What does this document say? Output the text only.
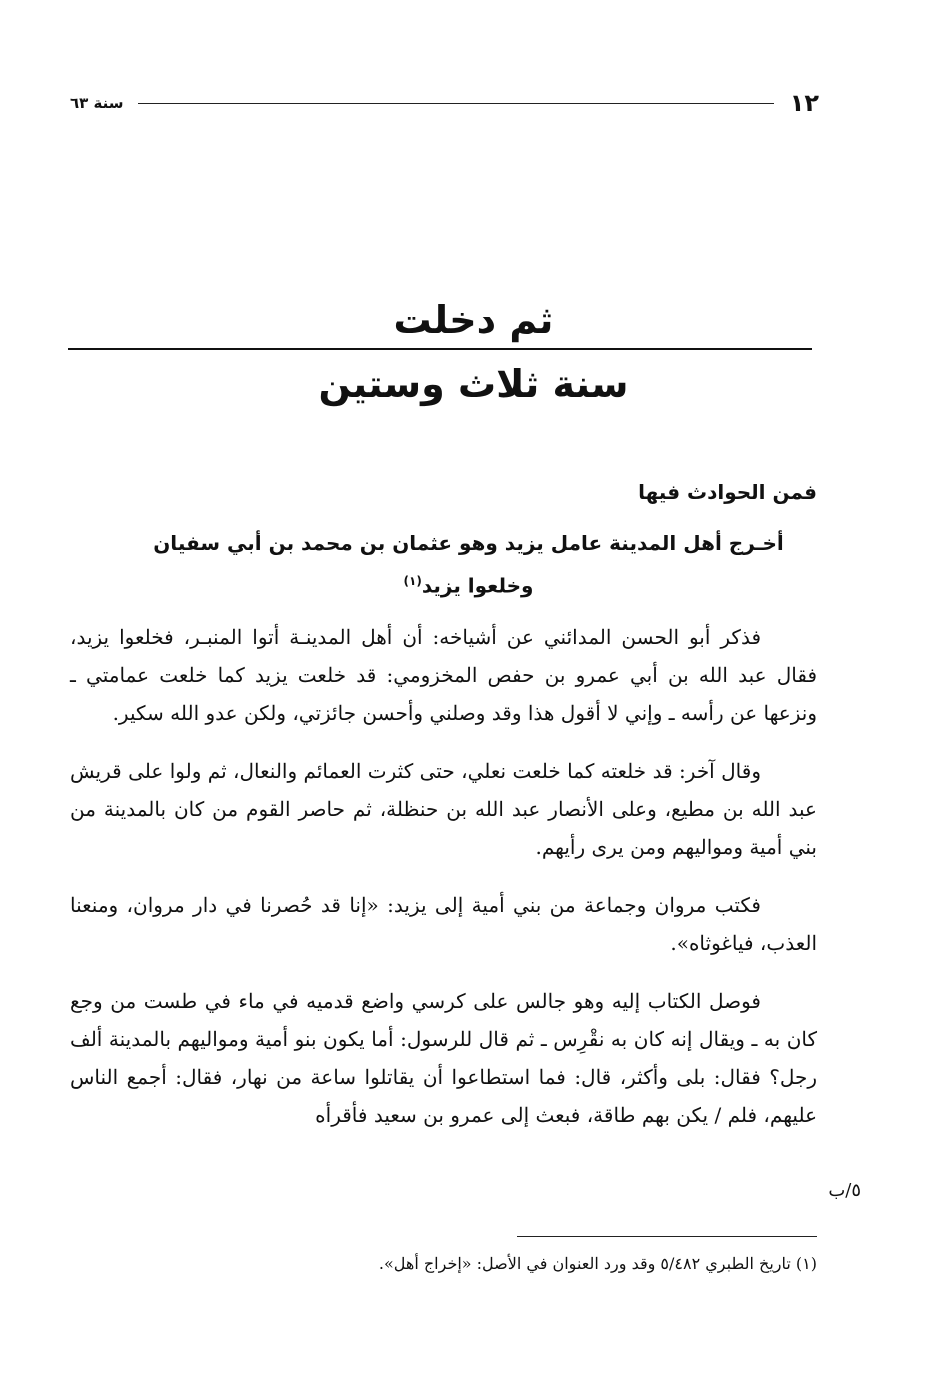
١٢
سنة ٦٣
ثم دخلت
سنة ثلاث وستين
فمن الحوادث فيها
أخـرج أهل المدينة عامل يزيد وهو عثمان بن محمد بن أبي سفيان وخلعوا يزيد$^{(١)}$

فذكر أبو الحسن المدائني عن أشياخه: أن أهل المدينـة أتوا المنبـر، فخلعوا يزيد، فقال عبد الله بن أبي عمرو بن حفص المخزومي: قد خلعت يزيد كما خلعت عمامتي ـ ونزعها عن رأسه ـ وإني لا أقول هذا وقد وصلني وأحسن جائزتي، ولكن عدو الله سكير.

وقال آخر: قد خلعته كما خلعت نعلي، حتى كثرت العمائم والنعال، ثم ولوا على قريش عبد الله بن مطيع، وعلى الأنصار عبد الله بن حنظلة، ثم حاصر القوم من كان بالمدينة من بني أمية ومواليهم ومن يرى رأيهم.

فكتب مروان وجماعة من بني أمية إلى يزيد: «إنا قد حُصرنا في دار مروان، ومنعنا العذب، فياغوثاه».

فوصل الكتاب إليه وهو جالس على كرسي واضع قدميه في ماء في طست من وجع كان به ـ ويقال إنه كان به نقْرِس ـ ثم قال للرسول: أما يكون بنو أمية ومواليهم بالمدينة ألف رجل؟ فقال: بلى وأكثر، قال: فما استطاعوا أن يقاتلوا ساعة من نهار، فقال: أجمع الناس عليهم، فلم / يكن بهم طاقة، فبعث إلى عمرو بن سعيد فأقرأه

٥/ب
(١) تاريخ الطبري ٥/٤٨٢ وقد ورد العنوان في الأصل: «إخراج أهل».
